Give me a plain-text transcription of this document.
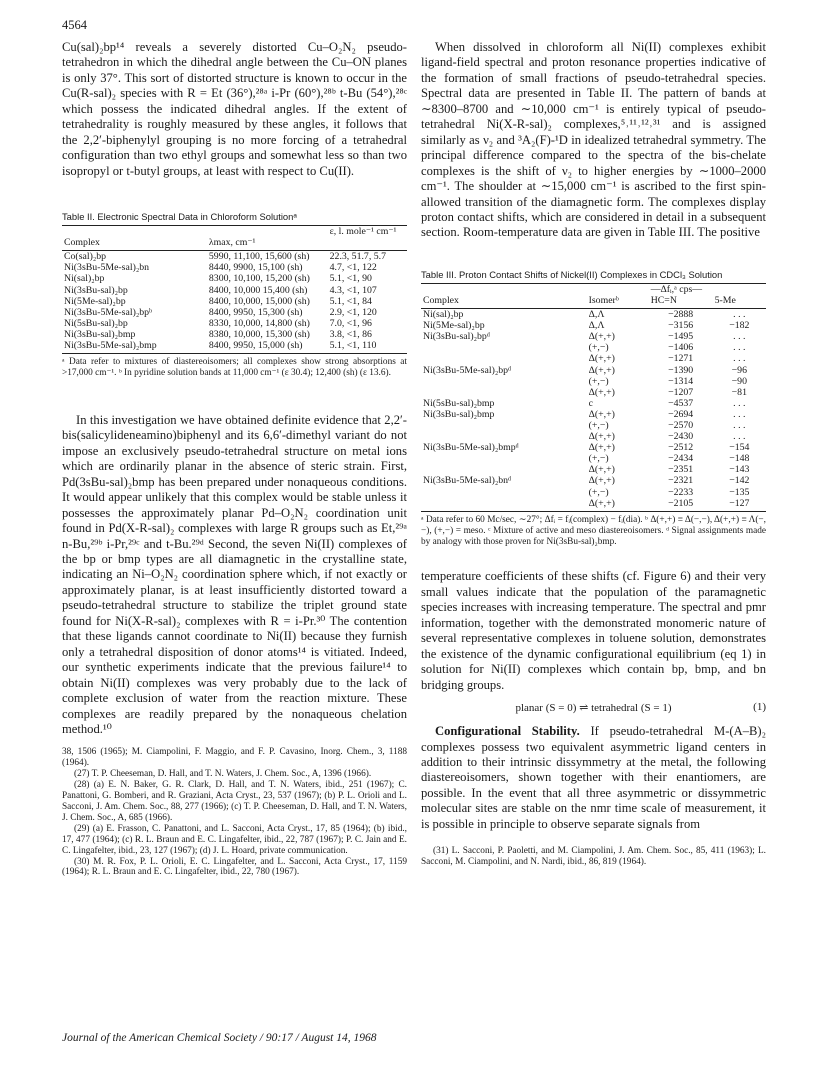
4564

Cu(sal)₂bp¹⁴ reveals a severely distorted Cu–O₂N₂ pseudo-tetrahedron in which the dihedral angle between the Cu–ON planes is only 37°. This sort of distorted structure is known to occur in the Cu(R-sal)₂ species with R = Et (36°),²⁸ᵃ i-Pr (60°),²⁸ᵇ t-Bu (54°),²⁸ᶜ which possess the indicated dihedral angles. If the extent of tetrahedrality is roughly measured by these angles, it follows that the 2,2′-biphenylyl grouping is no more forcing of a tetrahedral configuration than two ethyl groups and somewhat less so than two isopropyl or t-butyl groups, at least with respect to Cu(II).

Table II. Electronic Spectral Data in Chloroform Solutionᵃ
		ε, l. mole⁻¹ cm⁻¹
Complex	λmax, cm⁻¹	
Co(sal)₂bp	5990, 11,100, 15,600 (sh)	22.3, 51.7, 5.7
Ni(3sBu-5Me-sal)₂bn	8440, 9900, 15,100 (sh)	4.7, <1, 122
Ni(sal)₂bp	8300, 10,100, 15,200 (sh)	5.1, <1, 90
Ni(3sBu-sal)₂bp	8400, 10,000 15,400 (sh)	4.3, <1, 107
Ni(5Me-sal)₂bp	8400, 10,000, 15,000 (sh)	5.1, <1, 84
Ni(3sBu-5Me-sal)₂bpᵇ	8400, 9950, 15,300 (sh)	2.9, <1, 120
Ni(5sBu-sal)₂bp	8330, 10,000, 14,800 (sh)	7.0, <1, 96
Ni(3sBu-sal)₂bmp	8380, 10,000, 15,300 (sh)	3.8, <1, 86
Ni(3sBu-5Me-sal)₂bmp	8400, 9950, 15,000 (sh)	5.1, <1, 110
ᵃ Data refer to mixtures of diastereoisomers; all complexes show strong absorptions at >17,000 cm⁻¹. ᵇ In pyridine solution bands at 11,000 cm⁻¹ (ε 30.4); 12,400 (sh) (ε 13.6).

In this investigation we have obtained definite evidence that 2,2′-bis(salicylideneamino)biphenyl and its 6,6′-dimethyl variant do not impose an exclusively pseudo-tetrahedral structure on metal ions which are ordinarily planar in the absence of steric strain. First, Pd(3sBu-sal)₂bmp has been prepared under nonaqueous conditions. It would appear unlikely that this complex would be stable unless it possesses the approximately planar Pd–O₂N₂ coordination unit found in Pd(X-R-sal)₂ complexes with large R groups such as Et,²⁹ᵃ n-Bu,²⁹ᵇ i-Pr,²⁹ᶜ and t-Bu.²⁹ᵈ Second, the seven Ni(II) complexes of the bp or bmp types are all diamagnetic in the crystalline state, indicating an Ni–O₂N₂ coordination sphere which, if not exactly or approximately planar, is at least insufficiently distorted toward a pseudo-tetrahedral structure to stabilize the triplet ground state found for Ni(X-R-sal)₂ complexes with R = i-Pr.³⁰ The contention that these ligands cannot coordinate to Ni(II) because they furnish only a tetrahedral disposition of donor atoms¹⁴ is vitiated. Indeed, our synthetic experiments indicate that the previous failure¹⁴ to obtain Ni(II) complexes was very probably due to the lack of complete exclusion of water from the reaction mixture. These complexes are readily prepared by the nonaqueous chelation method.¹⁰

38, 1506 (1965); M. Ciampolini, F. Maggio, and F. P. Cavasino, Inorg. Chem., 3, 1188 (1964).
(27) T. P. Cheeseman, D. Hall, and T. N. Waters, J. Chem. Soc., A, 1396 (1966).
(28) (a) E. N. Baker, G. R. Clark, D. Hall, and T. N. Waters, ibid., 251 (1967); C. Panattoni, G. Bomberi, and R. Graziani, Acta Cryst., 23, 537 (1967); (b) P. L. Orioli and L. Sacconi, J. Am. Chem. Soc., 88, 277 (1966); (c) T. P. Cheeseman, D. Hall, and T. N. Waters, J. Chem. Soc., A, 685 (1966).
(29) (a) E. Frasson, C. Panattoni, and L. Sacconi, Acta Cryst., 17, 85 (1964); (b) ibid., 17, 477 (1964); (c) R. L. Braun and E. C. Lingafelter, ibid., 22, 787 (1967); P. C. Jain and E. C. Lingafelter, ibid., 23, 127 (1967); (d) J. L. Hoard, private communication.
(30) M. R. Fox, P. L. Orioli, E. C. Lingafelter, and L. Sacconi, Acta Cryst., 17, 1159 (1964); R. L. Braun and E. C. Lingafelter, ibid., 22, 780 (1967).

When dissolved in chloroform all Ni(II) complexes exhibit ligand-field spectral and proton resonance properties indicative of the formation of small fractions of pseudo-tetrahedral species. Spectral data are presented in Table II. The pattern of bands at ∼8300–8700 and ∼10,000 cm⁻¹ is entirely typical of pseudo-tetrahedral Ni(X-R-sal)₂ complexes,⁵˒¹¹˒¹²˒³¹ and is assigned similarly as ν₂ and ³A₂(F)-¹D in idealized tetrahedral symmetry. The principal difference compared to the spectra of the bis-chelate complexes is the shift of ν₂ to higher energies by ∼1000–2000 cm⁻¹. The shoulder at ∼15,000 cm⁻¹ is ascribed to the first spin-allowed transition of the diamagnetic form. The complexes display proton contact shifts, which are considered in detail in a subsequent section. Room-temperature data are given in Table III. The positive

Table III. Proton Contact Shifts of Nickel(II) Complexes in CDCl₃ Solution
		—Δfᵢ,ᵃ cps—	
Complex	Isomerᵇ	HC=N	5-Me
Ni(sal)₂bp	Δ,Λ	−2888	. . .
Ni(5Me-sal)₂bp	Δ,Λ	−3156	−182
Ni(3sBu-sal)₂bpᵈ	Δ(+,+)	−1495	. . .
	(+,−)	−1406	. . .
	Δ(+,+)	−1271	. . .
Ni(3sBu-5Me-sal)₂bpᵈ	Δ(+,+)	−1390	−96
	(+,−)	−1314	−90
	Δ(+,+)	−1207	−81
Ni(5sBu-sal)₂bmp	c	−4537	. . .
Ni(3sBu-sal)₂bmp	Δ(+,+)	−2694	. . .
	(+,−)	−2570	. . .
	Δ(+,+)	−2430	. . .
Ni(3sBu-5Me-sal)₂bmpᵈ	Δ(+,+)	−2512	−154
	(+,−)	−2434	−148
	Δ(+,+)	−2351	−143
Ni(3sBu-5Me-sal)₂bnᵈ	Δ(+,+)	−2321	−142
	(+,−)	−2233	−135
	Δ(+,+)	−2105	−127
ᵃ Data refer to 60 Mc/sec, ∼27°; Δfᵢ = fᵢ(complex) − fᵢ(dia). ᵇ Δ(+,+) ≡ Δ(−,−), Δ(+,+) ≡ Λ(−,−), (+,−) = meso. ᶜ Mixture of active and meso diastereoisomers. ᵈ Signal assignments made by analogy with those proven for Ni(3sBu-sal)₂bmp.

temperature coefficients of these shifts (cf. Figure 6) and their very small values indicate that the population of the paramagnetic species increases with increasing temperature. The spectral and pmr information, together with the demonstrated monomeric nature of several representative complexes in toluene solution, demonstrates the existence of the dynamic configurational equilibrium (eq 1) in solution for Ni(II) complexes which contain bp, bmp, and bn bridging groups.

planar (S = 0) ⇌ tetrahedral (S = 1)	(1)

Configurational Stability. If pseudo-tetrahedral M-(A–B)₂ complexes possess two equivalent asymmetric ligand centers in addition to their intrinsic dissymmetry at the metal, the following diastereoisomers, shown together with their enantiomers, are possible. In the event that all three asymmetric or dissymmetric molecular sites are stable on the nmr time scale of measurement, it is possible in principle to observe separate signals from

(31) L. Sacconi, P. Paoletti, and M. Ciampolini, J. Am. Chem. Soc., 85, 411 (1963); L. Sacconi, M. Ciampolini, and N. Nardi, ibid., 86, 819 (1964).
Journal of the American Chemical Society / 90:17 / August 14, 1968
